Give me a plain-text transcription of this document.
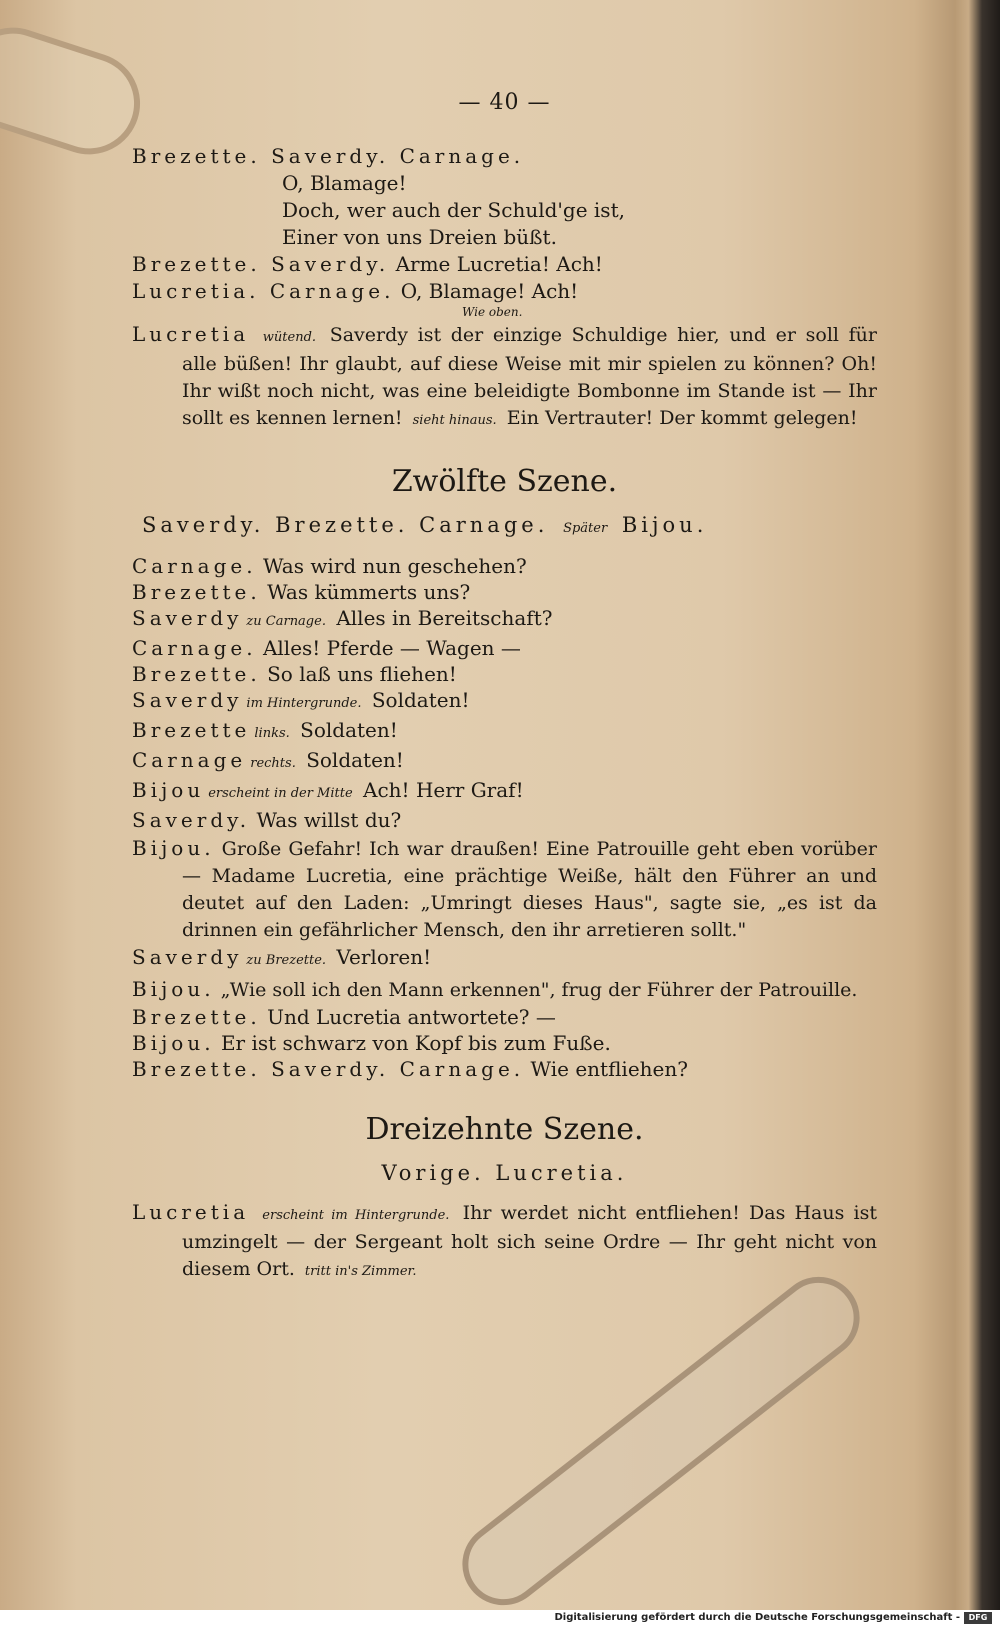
— 40 —

Brezette. Saverdy. Carnage.

O, Blamage!

Doch, wer auch der Schuld'ge ist,

Einer von uns Dreien büßt.

Brezette. Saverdy. Arme Lucretia! Ach!

Lucretia. Carnage. O, Blamage! Ach!

Wie oben.

Lucretia wütend. Saverdy ist der einzige Schuldige hier, und er soll für alle büßen! Ihr glaubt, auf diese Weise mit mir spielen zu können? Oh! Ihr wißt noch nicht, was eine beleidigte Bombonne im Stande ist — Ihr sollt es kennen lernen! sieht hinaus. Ein Vertrauter! Der kommt gelegen!

Zwölfte Szene.
Saverdy. Brezette. Carnage. Später Bijou.

Carnage. Was wird nun geschehen?

Brezette. Was kümmerts uns?

Saverdy zu Carnage. Alles in Bereitschaft?

Carnage. Alles! Pferde — Wagen —

Brezette. So laß uns fliehen!

Saverdy im Hintergrunde. Soldaten!

Brezette links. Soldaten!

Carnage rechts. Soldaten!

Bijou erscheint in der Mitte Ach! Herr Graf!

Saverdy. Was willst du?

Bijou. Große Gefahr! Ich war draußen! Eine Patrouille geht eben vorüber — Madame Lucretia, eine prächtige Weiße, hält den Führer an und deutet auf den Laden: „Umringt dieses Haus", sagte sie, „es ist da drinnen ein gefährlicher Mensch, den ihr arretieren sollt."

Saverdy zu Brezette. Verloren!

Bijou. „Wie soll ich den Mann erkennen", frug der Führer der Patrouille.

Brezette. Und Lucretia antwortete? —

Bijou. Er ist schwarz von Kopf bis zum Fuße.

Brezette. Saverdy. Carnage. Wie entfliehen?

Dreizehnte Szene.
Vorige. Lucretia.

Lucretia erscheint im Hintergrunde. Ihr werdet nicht entfliehen! Das Haus ist umzingelt — der Sergeant holt sich seine Ordre — Ihr geht nicht von diesem Ort. tritt in's Zimmer.

Digitalisierung gefördert durch die Deutsche Forschungsgemeinschaft -	DFG
